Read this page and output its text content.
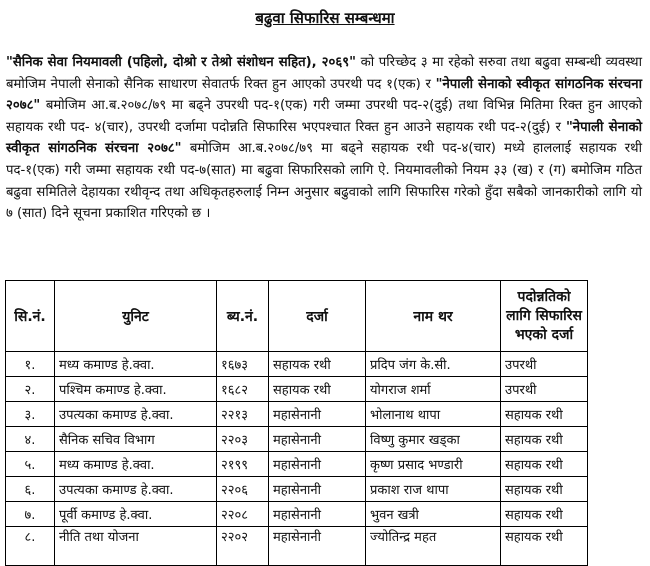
बढुवा सिफारिस सम्बन्धमा
"सैनिक सेवा नियमावली (पहिलो, दोश्रो र तेश्रो संशोधन सहित), २०६९" को परिच्छेद ३ मा रहेको सरुवा तथा बढुवा सम्बन्धी व्यवस्था बमोजिम नेपाली सेनाको सैनिक साधारण सेवातर्फ रिक्त हुन आएको उपरथी पद १(एक) र "नेपाली सेनाको स्वीकृत सांगठनिक संरचना २०७८" बमोजिम आ.ब.२०७८/७९ मा बढ्ने उपरथी पद-१(एक) गरी जम्मा उपरथी पद-२(दुई) तथा विभिन्न मितिमा रिक्त हुन आएको सहायक रथी पद- ४(चार), उपरथी दर्जामा पदोन्नति सिफारिस भएपश्चात रिक्त हुन आउने सहायक रथी पद-२(दुई) र "नेपाली सेनाको स्वीकृत सांगठनिक संरचना २०७८" बमोजिम आ.ब.२०७८/७९ मा बढ्ने सहायक रथी पद-४(चार) मध्ये हाललाई सहायक रथी पद-१(एक) गरी जम्मा सहायक रथी पद-७(सात) मा बढुवा सिफारिसको लागि ऐ. नियमावलीको नियम ३३ (ख) र (ग) बमोजिम गठित बढुवा समितिले देहायका रथीवृन्द तथा अधिकृतहरुलाई निम्न अनुसार बढुवाको लागि सिफारिस गरेको हुँदा सबैको जानकारीको लागि यो ७ (सात) दिने सूचना प्रकाशित गरिएको छ ।
सि.नं.	युनिट	ब्य.नं.	दर्जा	नाम थर	पदोन्नतिको लागि सिफारिस भएको दर्जा
१.	मध्य कमाण्ड हे.क्वा.	१६७३	सहायक रथी	प्रदिप जंग के.सी.	उपरथी
२.	पश्चिम कमाण्ड हे.क्वा.	१६८२	सहायक रथी	योगराज शर्मा	उपरथी
३.	उपत्यका कमाण्ड हे.क्वा.	२२१३	महासेनानी	भोलानाथ थापा	सहायक रथी
४.	सैनिक सचिव विभाग	२२०३	महासेनानी	विष्णु कुमार खड्का	सहायक रथी
५.	मध्य कमाण्ड हे.क्वा.	२१९९	महासेनानी	कृष्ण प्रसाद भण्डारी	सहायक रथी
६.	उपत्यका कमाण्ड हे.क्वा.	२२०६	महासेनानी	प्रकाश राज थापा	सहायक रथी
७.	पूर्वी कमाण्ड हे.क्वा.	२२०८	महासेनानी	भुवन खत्री	सहायक रथी
८.	नीति तथा योजना	२२०२	महासेनानी	ज्योतिन्द्र महत	सहायक रथी
